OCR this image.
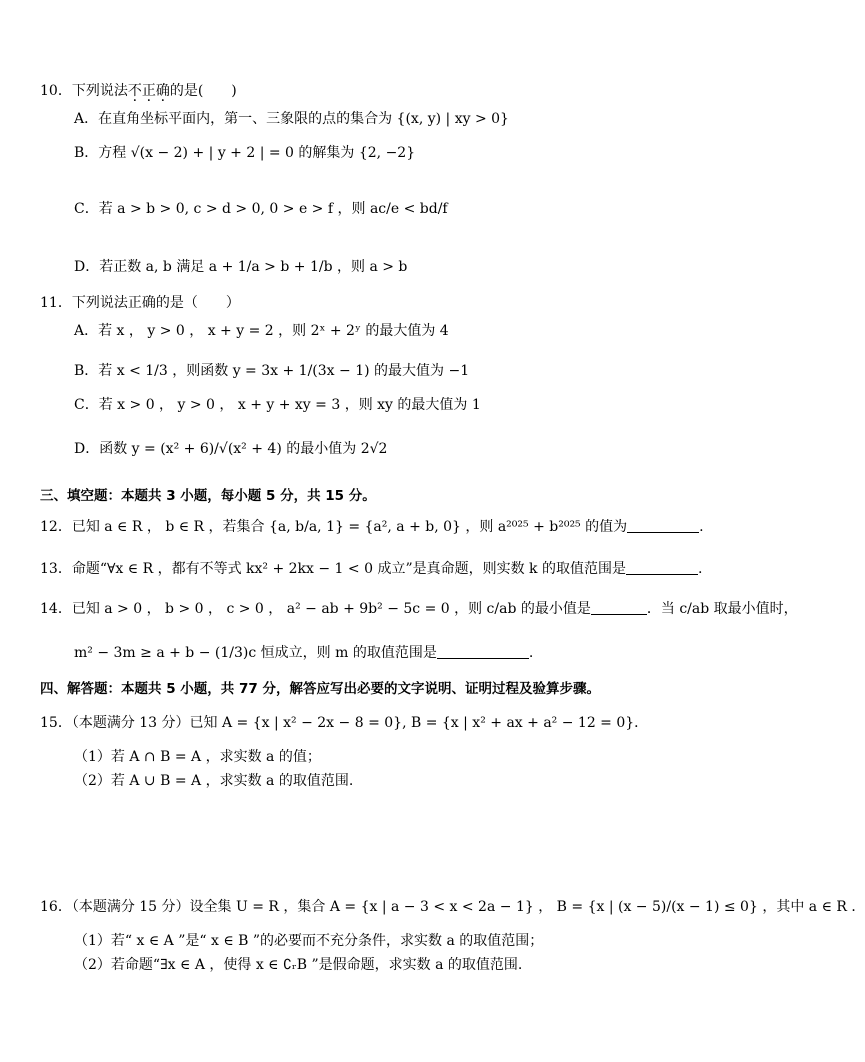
10．下列说法不正确的是(　　)
A．在直角坐标平面内，第一、三象限的点的集合为 {(x, y) | xy > 0}
B．方程 √(x − 2) + | y + 2 | = 0 的解集为 {2, −2}
C．若 a > b > 0, c > d > 0, 0 > e > f ，则 ac/e < bd/f
D．若正数 a, b 满足 a + 1/a > b + 1/b ，则 a > b
11．下列说法正确的是（　　）
A．若 x ， y > 0 ， x + y = 2 ，则 2ˣ + 2ʸ 的最大值为 4
B．若 x < 1/3 ，则函数 y = 3x + 1/(3x − 1) 的最大值为 −1
C．若 x > 0 ， y > 0 ， x + y + xy = 3 ，则 xy 的最大值为 1
D．函数 y = (x² + 6)/√(x² + 4) 的最小值为 2√2
三、填空题：本题共 3 小题，每小题 5 分，共 15 分。
12．已知 a ∈ R ， b ∈ R ，若集合 {a, b/a, 1} = {a², a + b, 0} ，则 a²⁰²⁵ + b²⁰²⁵ 的值为	.
13．命题“∀x ∈ R ，都有不等式 kx² + 2kx − 1 < 0 成立”是真命题，则实数 k 的取值范围是	.
14．已知 a > 0 ， b > 0 ， c > 0 ， a² − ab + 9b² − 5c = 0 ，则 c/ab 的最小值是	．当 c/ab 取最小值时，
m² − 3m ≥ a + b − (1/3)c 恒成立，则 m 的取值范围是	.
四、解答题：本题共 5 小题，共 77 分，解答应写出必要的文字说明、证明过程及验算步骤。
15．（本题满分 13 分）已知 A = {x | x² − 2x − 8 = 0}, B = {x | x² + ax + a² − 12 = 0}．
（1）若 A ∩ B = A ，求实数 a 的值；
（2）若 A ∪ B = A ，求实数 a 的取值范围.
16．（本题满分 15 分）设全集 U = R ，集合 A = {x | a − 3 < x < 2a − 1} ， B = {x | (x − 5)/(x − 1) ≤ 0} ，其中 a ∈ R ．
（1）若“ x ∈ A ”是“ x ∈ B ”的必要而不充分条件，求实数 a 的取值范围；
（2）若命题“∃x ∈ A ，使得 x ∈ ∁ᵣB ”是假命题，求实数 a 的取值范围.
